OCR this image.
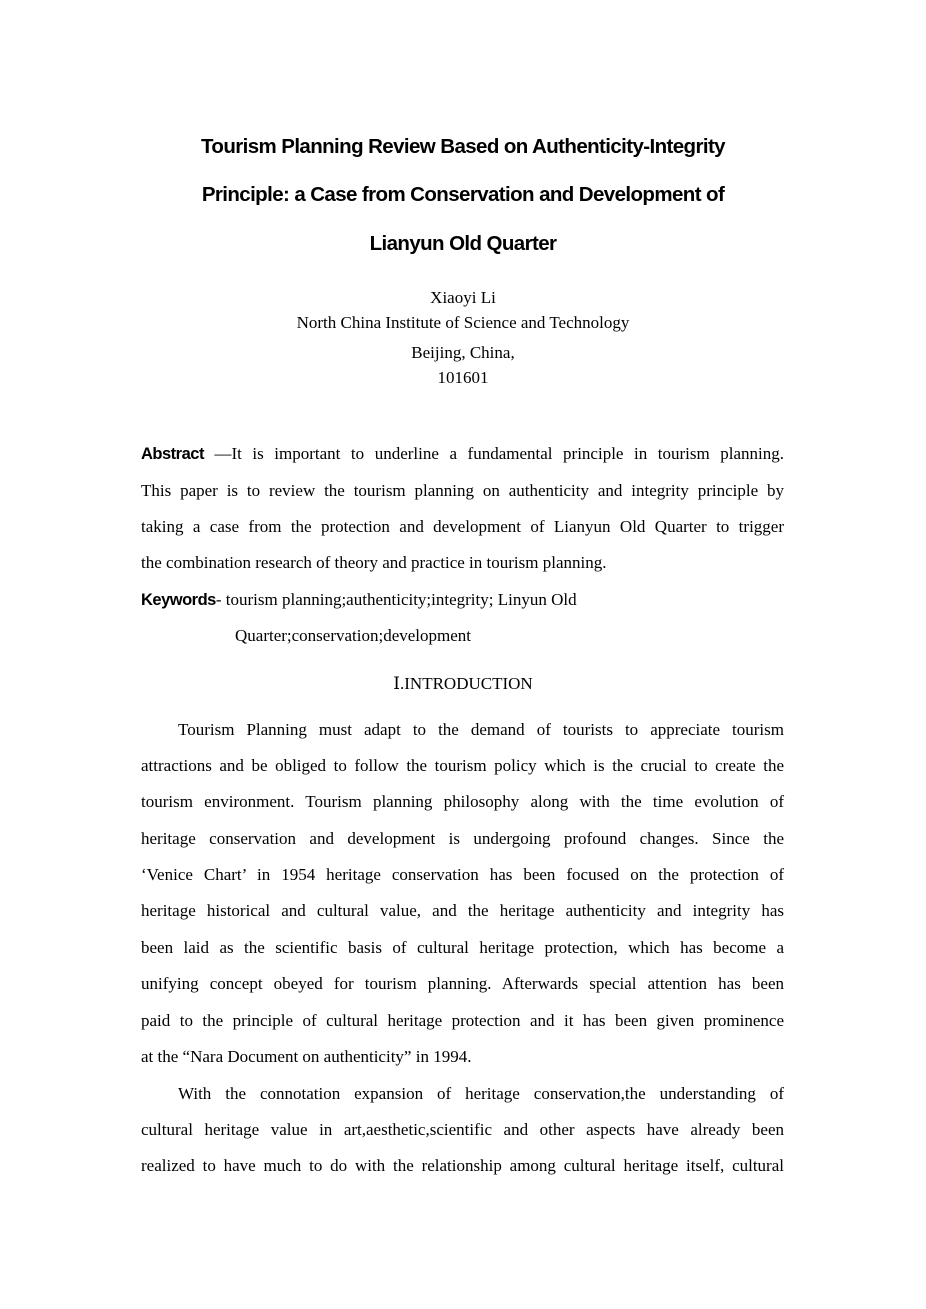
Tourism Planning Review Based on Authenticity-Integrity
Principle: a Case from Conservation and Development of
Lianyun Old Quarter
Xiaoyi Li
North China Institute of Science and Technology
Beijing, China,
101601
Abstract —It is important to underline a fundamental principle in tourism planning.
This paper is to review the tourism planning on authenticity and integrity principle by
taking a case from the protection and development of Lianyun Old Quarter to trigger
the combination research of theory and practice in tourism planning.
Keywords- tourism planning;authenticity;integrity; Linyun Old
Quarter;conservation;development
Ⅰ.INTRODUCTION
Tourism Planning must adapt to the demand of tourists to appreciate tourism
attractions and be obliged to follow the tourism policy which is the crucial to create the
tourism environment. Tourism planning philosophy along with the time evolution of
heritage conservation and development is undergoing profound changes. Since the
‘Venice Chart’ in 1954 heritage conservation has been focused on the protection of
heritage historical and cultural value, and the heritage authenticity and integrity has
been laid as the scientific basis of cultural heritage protection, which has become a
unifying concept obeyed for tourism planning. Afterwards special attention has been
paid to the principle of cultural heritage protection and it has been given prominence
at the “Nara Document on authenticity” in 1994.
With the connotation expansion of heritage conservation,the understanding of
cultural heritage value in art,aesthetic,scientific and other aspects have already been
realized to have much to do with the relationship among cultural heritage itself, cultural
